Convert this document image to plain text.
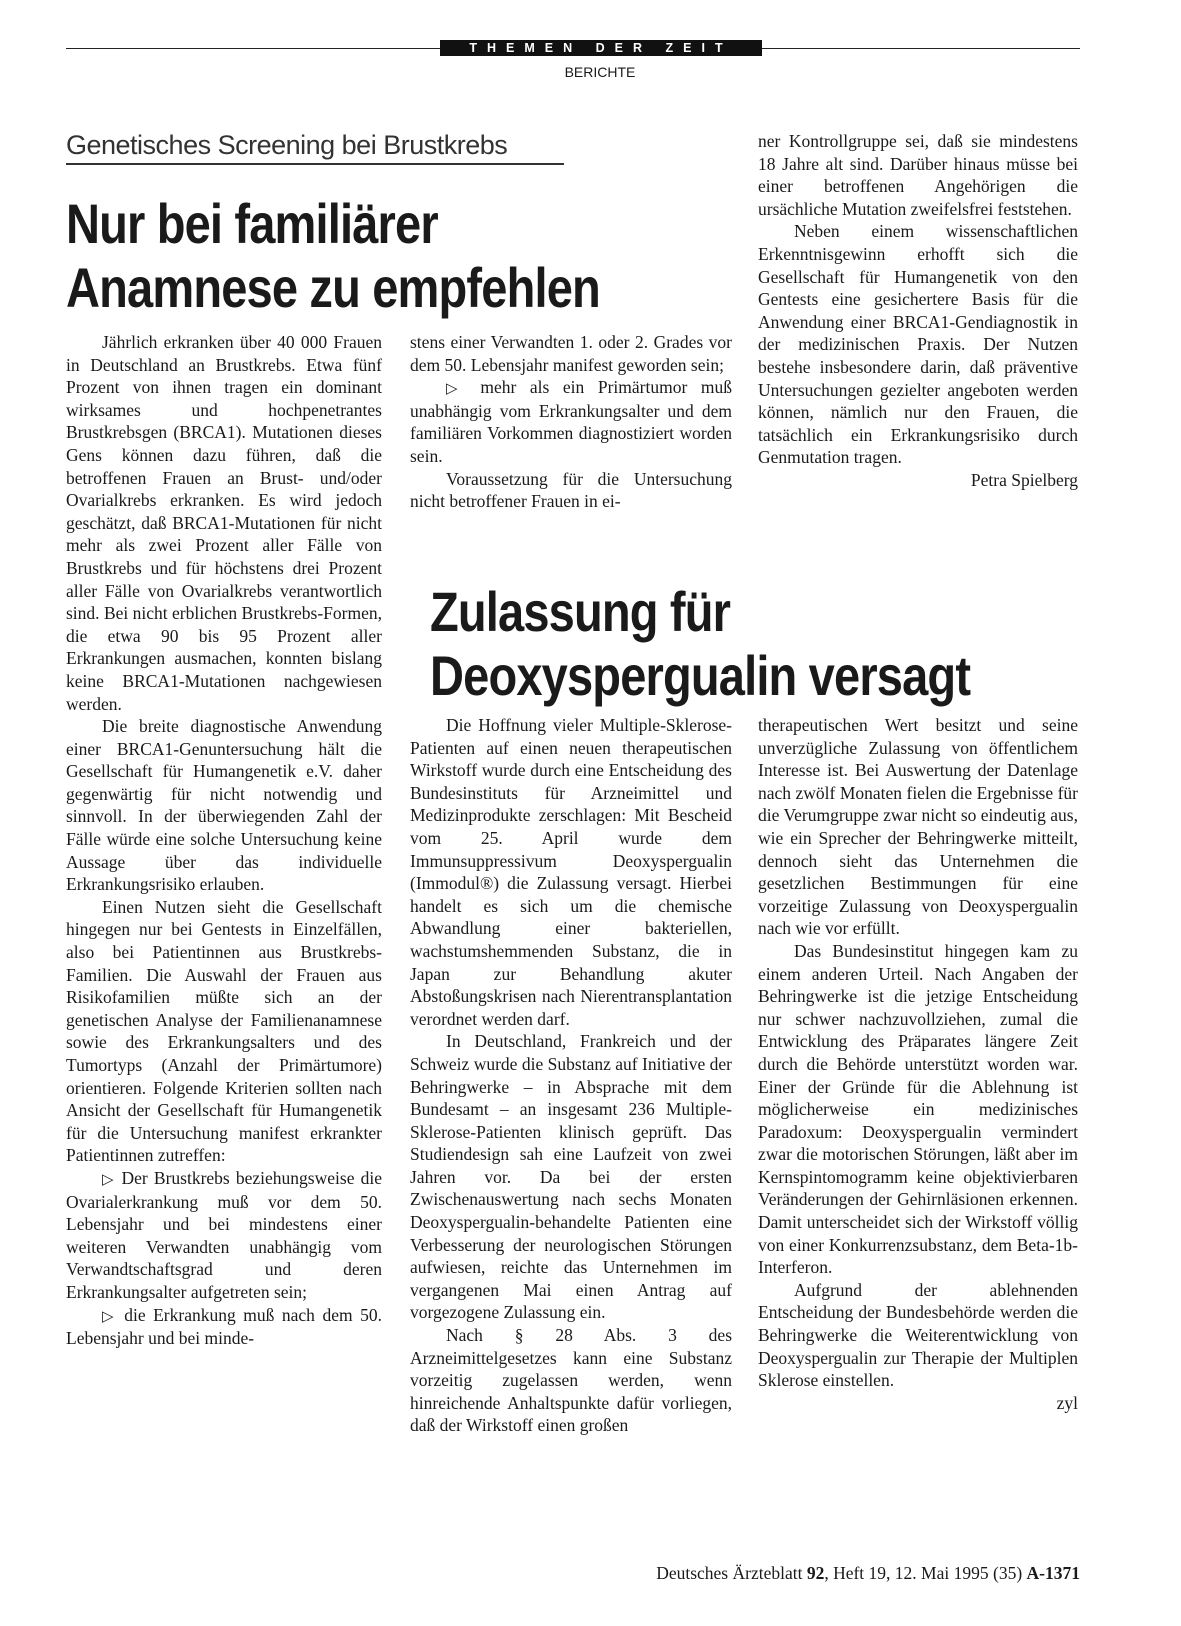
THEMEN DER ZEIT
BERICHTE
Genetisches Screening bei Brustkrebs
Nur bei familiärer
Anamnese zu empfehlen

Jährlich erkranken über 40 000 Frauen in Deutschland an Brustkrebs. Etwa fünf Prozent von ihnen tragen ein dominant wirksames und hochpenetrantes Brustkrebsgen (BRCA1). Mutationen dieses Gens können dazu führen, daß die betroffenen Frauen an Brust- und/oder Ovarialkrebs erkranken. Es wird jedoch geschätzt, daß BRCA1-Mutationen für nicht mehr als zwei Prozent aller Fälle von Brustkrebs und für höchstens drei Prozent aller Fälle von Ovarialkrebs verantwortlich sind. Bei nicht erblichen Brustkrebs-Formen, die etwa 90 bis 95 Prozent aller Erkrankungen ausmachen, konnten bislang keine BRCA1-Mutationen nachgewiesen werden.

Die breite diagnostische Anwendung einer BRCA1-Genuntersuchung hält die Gesellschaft für Humangenetik e.V. daher gegenwärtig für nicht notwendig und sinnvoll. In der überwiegenden Zahl der Fälle würde eine solche Untersuchung keine Aussage über das individuelle Erkrankungsrisiko erlauben.

Einen Nutzen sieht die Gesellschaft hingegen nur bei Gentests in Einzelfällen, also bei Patientinnen aus Brustkrebs-Familien. Die Auswahl der Frauen aus Risikofamilien müßte sich an der genetischen Analyse der Familienanamnese sowie des Erkrankungsalters und des Tumortyps (Anzahl der Primärtumore) orientieren. Folgende Kriterien sollten nach Ansicht der Gesellschaft für Humangenetik für die Untersuchung manifest erkrankter Patientinnen zutreffen:

▷ Der Brustkrebs beziehungsweise die Ovarialerkrankung muß vor dem 50. Lebensjahr und bei mindestens einer weiteren Verwandten unabhängig vom Verwandtschaftsgrad und deren Erkrankungsalter aufgetreten sein;

▷ die Erkrankung muß nach dem 50. Lebensjahr und bei minde-

stens einer Verwandten 1. oder 2. Grades vor dem 50. Lebensjahr manifest geworden sein;

▷ mehr als ein Primärtumor muß unabhängig vom Erkrankungsalter und dem familiären Vorkommen diagnostiziert worden sein.

Voraussetzung für die Untersuchung nicht betroffener Frauen in ei-

ner Kontrollgruppe sei, daß sie mindestens 18 Jahre alt sind. Darüber hinaus müsse bei einer betroffenen Angehörigen die ursächliche Mutation zweifelsfrei feststehen.

Neben einem wissenschaftlichen Erkenntnisgewinn erhofft sich die Gesellschaft für Humangenetik von den Gentests eine gesichertere Basis für die Anwendung einer BRCA1-Gendiagnostik in der medizinischen Praxis. Der Nutzen bestehe insbesondere darin, daß präventive Untersuchungen gezielter angeboten werden können, nämlich nur den Frauen, die tatsächlich ein Erkrankungsrisiko durch Genmutation tragen.

Petra Spielberg

Zulassung für
Deoxyspergualin versagt

Die Hoffnung vieler Multiple-Sklerose-Patienten auf einen neuen therapeutischen Wirkstoff wurde durch eine Entscheidung des Bundesinstituts für Arzneimittel und Medizinprodukte zerschlagen: Mit Bescheid vom 25. April wurde dem Immunsuppressivum Deoxyspergualin (Immodul®) die Zulassung versagt. Hierbei handelt es sich um die chemische Abwandlung einer bakteriellen, wachstumshemmenden Substanz, die in Japan zur Behandlung akuter Abstoßungskrisen nach Nierentransplantation verordnet werden darf.

In Deutschland, Frankreich und der Schweiz wurde die Substanz auf Initiative der Behringwerke – in Absprache mit dem Bundesamt – an insgesamt 236 Multiple-Sklerose-Patienten klinisch geprüft. Das Studiendesign sah eine Laufzeit von zwei Jahren vor. Da bei der ersten Zwischenauswertung nach sechs Monaten Deoxyspergualin-behandelte Patienten eine Verbesserung der neurologischen Störungen aufwiesen, reichte das Unternehmen im vergangenen Mai einen Antrag auf vorgezogene Zulassung ein.

Nach § 28 Abs. 3 des Arzneimittelgesetzes kann eine Substanz vorzeitig zugelassen werden, wenn hinreichende Anhaltspunkte dafür vorliegen, daß der Wirkstoff einen großen

therapeutischen Wert besitzt und seine unverzügliche Zulassung von öffentlichem Interesse ist. Bei Auswertung der Datenlage nach zwölf Monaten fielen die Ergebnisse für die Verumgruppe zwar nicht so eindeutig aus, wie ein Sprecher der Behringwerke mitteilt, dennoch sieht das Unternehmen die gesetzlichen Bestimmungen für eine vorzeitige Zulassung von Deoxyspergualin nach wie vor erfüllt.

Das Bundesinstitut hingegen kam zu einem anderen Urteil. Nach Angaben der Behringwerke ist die jetzige Entscheidung nur schwer nachzuvollziehen, zumal die Entwicklung des Präparates längere Zeit durch die Behörde unterstützt worden war. Einer der Gründe für die Ablehnung ist möglicherweise ein medizinisches Paradoxum: Deoxyspergualin vermindert zwar die motorischen Störungen, läßt aber im Kernspintomogramm keine objektivierbaren Veränderungen der Gehirnläsionen erkennen. Damit unterscheidet sich der Wirkstoff völlig von einer Konkurrenzsubstanz, dem Beta-1b-Interferon.

Aufgrund der ablehnenden Entscheidung der Bundesbehörde werden die Behringwerke die Weiterentwicklung von Deoxyspergualin zur Therapie der Multiplen Sklerose einstellen.

zyl

Deutsches Ärzteblatt 92, Heft 19, 12. Mai 1995 (35) A-1371
